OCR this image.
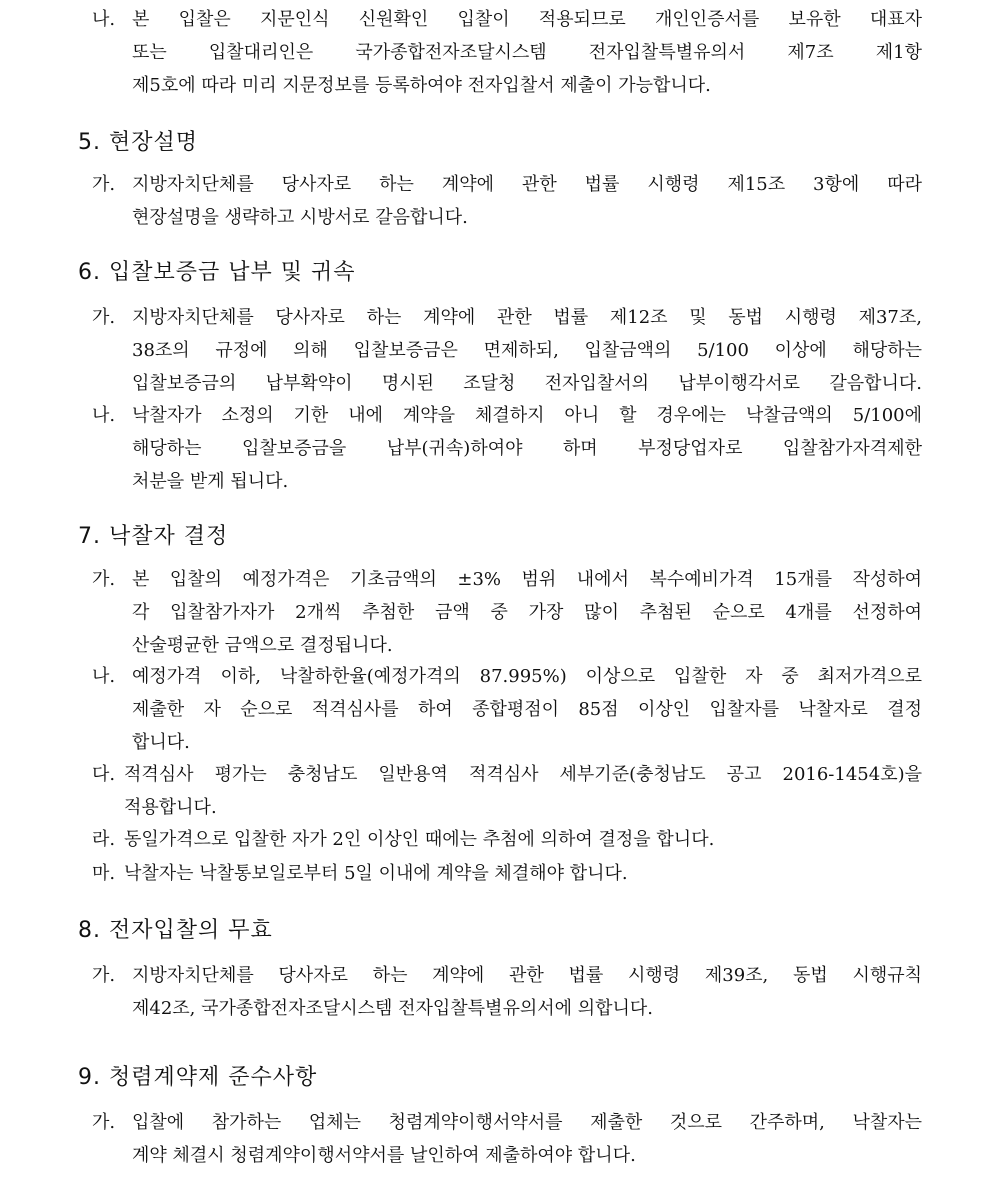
나. 본 입찰은 지문인식 신원확인 입찰이 적용되므로 개인인증서를 보유한 대표자
또는 입찰대리인은 국가종합전자조달시스템 전자입찰특별유의서 제7조 제1항
제5호에 따라 미리 지문정보를 등록하여야 전자입찰서 제출이 가능합니다.
5. 현장설명
가. 지방자치단체를 당사자로 하는 계약에 관한 법률 시행령 제15조 3항에 따라
현장설명을 생략하고 시방서로 갈음합니다.
6. 입찰보증금 납부 및 귀속
가. 지방자치단체를 당사자로 하는 계약에 관한 법률 제12조 및 동법 시행령 제37조,
38조의 규정에 의해 입찰보증금은 면제하되, 입찰금액의 5/100 이상에 해당하는
입찰보증금의 납부확약이 명시된 조달청 전자입찰서의 납부이행각서로 갈음합니다.
나. 낙찰자가 소정의 기한 내에 계약을 체결하지 아니 할 경우에는 낙찰금액의 5/100에
해당하는 입찰보증금을 납부(귀속)하여야 하며 부정당업자로 입찰참가자격제한
처분을 받게 됩니다.
7. 낙찰자 결정
가. 본 입찰의 예정가격은 기초금액의 ±3% 범위 내에서 복수예비가격 15개를 작성하여
각 입찰참가자가 2개씩 추첨한 금액 중 가장 많이 추첨된 순으로 4개를 선정하여
산술평균한 금액으로 결정됩니다.
나. 예정가격 이하, 낙찰하한율(예정가격의 87.995%) 이상으로 입찰한 자 중 최저가격으로
제출한 자 순으로 적격심사를 하여 종합평점이 85점 이상인 입찰자를 낙찰자로 결정
합니다.
다. 적격심사 평가는 충청남도 일반용역 적격심사 세부기준(충청남도 공고 2016-1454호)을
적용합니다.
라. 동일가격으로 입찰한 자가 2인 이상인 때에는 추첨에 의하여 결정을 합니다.
마. 낙찰자는 낙찰통보일로부터 5일 이내에 계약을 체결해야 합니다.
8. 전자입찰의 무효
가. 지방자치단체를 당사자로 하는 계약에 관한 법률 시행령 제39조, 동법 시행규칙
제42조, 국가종합전자조달시스템 전자입찰특별유의서에 의합니다.
9. 청렴계약제 준수사항
가. 입찰에 참가하는 업체는 청렴계약이행서약서를 제출한 것으로 간주하며, 낙찰자는
계약 체결시 청렴계약이행서약서를 날인하여 제출하여야 합니다.
